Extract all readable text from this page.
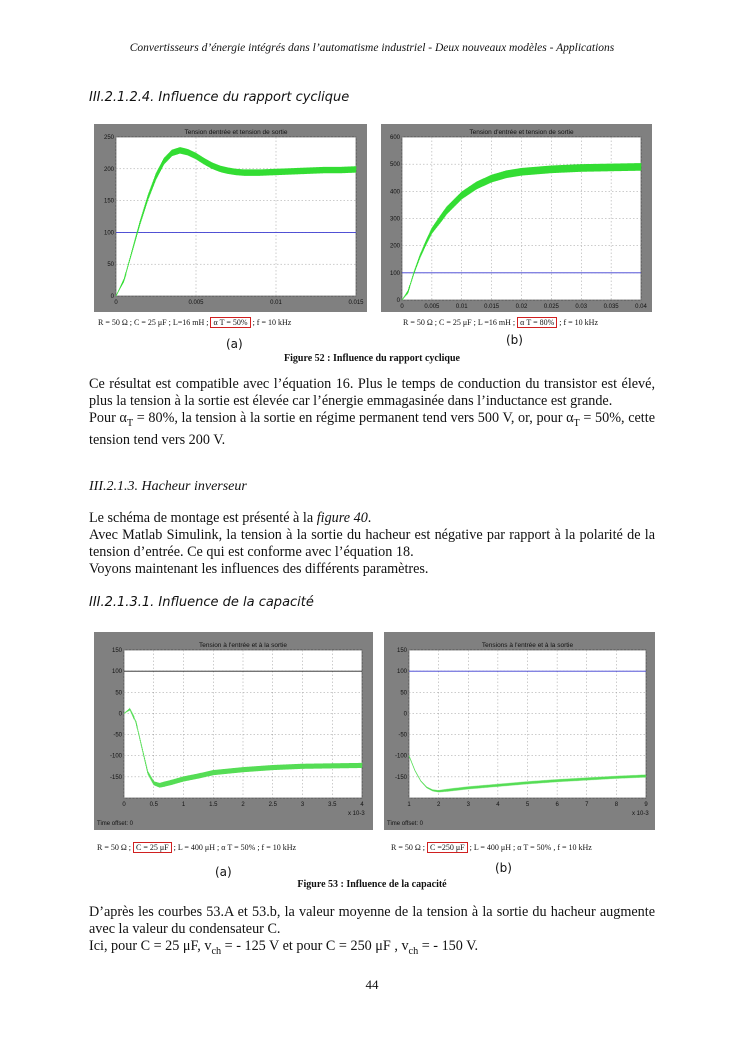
Convertisseurs d’énergie intégrés dans l’automatisme industriel - Deux nouveaux modèles - Applications
III.2.1.2.4. Influence du rapport cyclique
Tension dentrée et tension de sortie
0	0.005	0.01	0.015
0
50
100
150
200
250
R = 50 Ω ; C = 25 μF ; L=16 mH ; α T = 50% ; f = 10 kHz
(a)
Tension d'entrée et tension de sortie
0	0.005	0.01	0.015	0.02	0.025	0.03	0.035	0.04
0
100
200
300
400
500
600
R = 50 Ω ; C = 25 μF ; L =16 mH ; α T = 80% ; f = 10 kHz
(b)
Figure 52 : Influence du rapport cyclique

Ce résultat est compatible avec l’équation 16. Plus le temps de conduction du transistor est élevé, plus la tension à la sortie est élevée car l’énergie emmagasinée dans l’inductance est grande.

Pour $\alpha_T = 80\%$, la tension à la sortie en régime permanent tend vers 500 V, or, pour $\alpha_T = 50\%$, cette tension tend vers 200 V.

III.2.1.3. Hacheur inverseur

Le schéma de montage est présenté à la figure 40.

Avec Matlab Simulink, la tension à la sortie du hacheur est négative par rapport à la polarité de la tension d’entrée. Ce qui est conforme avec l’équation 18.

Voyons maintenant les influences des différents paramètres.

III.2.1.3.1. Influence de la capacité
Tension à l'entrée et à la sortie
0	0.5	1	1.5	2	2.5	3	3.5	4
-150
-100
-50
0
50
100
150
x 10-3
Time offset: 0
R = 50 Ω ; C = 25 μF ; L = 400 μH ; α T = 50% ; f = 10 kHz
(a)
Tensions à l'entrée et à la sortie
1	2	3	4	5	6	7	8	9
-150
-100
-50
0
50
100
150
x 10-3
Time offset: 0
R = 50 Ω ; C =250 μF ; L = 400 μH ; α T = 50% , f = 10 kHz
(b)
Figure 53 : Influence de la capacité

D’après les courbes 53.A et 53.b, la valeur moyenne de la tension à la sortie du hacheur augmente avec la valeur du condensateur C.

Ici, pour C = 25 μF, $v_{ch}$ = - 125 V et pour C = 250 μF , $v_{ch}$ = - 150 V.

44
